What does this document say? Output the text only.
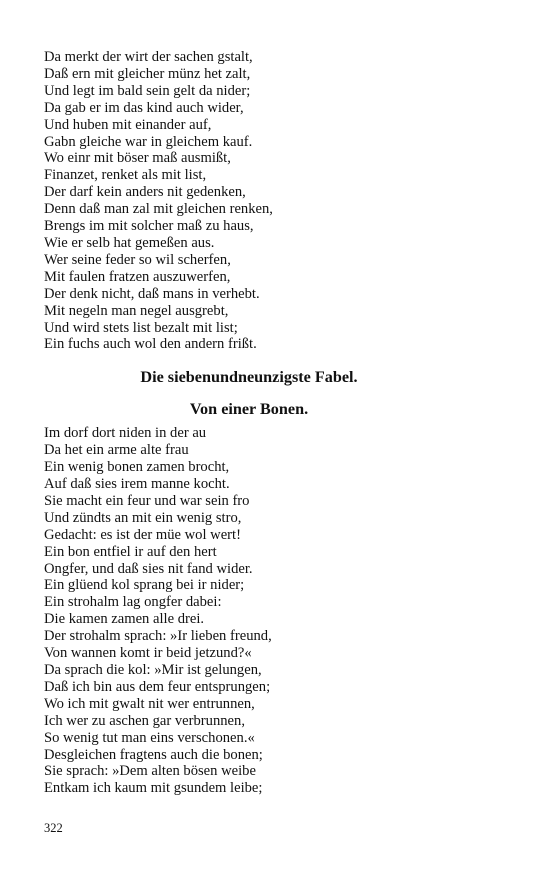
Da merkt der wirt der sachen gstalt,
Daß ern mit gleicher münz het zalt,
Und legt im bald sein gelt da nider;
Da gab er im das kind auch wider,
Und huben mit einander auf,
Gabn gleiche war in gleichem kauf.
Wo einr mit böser maß ausmißt,
Finanzet, renket als mit list,
Der darf kein anders nit gedenken,
Denn daß man zal mit gleichen renken,
Brengs im mit solcher maß zu haus,
Wie er selb hat gemeßen aus.
Wer seine feder so wil scherfen,
Mit faulen fratzen auszuwerfen,
Der denk nicht, daß mans in verhebt.
Mit negeln man negel ausgrebt,
Und wird stets list bezalt mit list;
Ein fuchs auch wol den andern frißt.
Die siebenundneunzigste Fabel.
Von einer Bonen.
Im dorf dort niden in der au
Da het ein arme alte frau
Ein wenig bonen zamen brocht,
Auf daß sies irem manne kocht.
Sie macht ein feur und war sein fro
Und zündts an mit ein wenig stro,
Gedacht: es ist der müe wol wert!
Ein bon entfiel ir auf den hert
Ongfer, und daß sies nit fand wider.
Ein glüend kol sprang bei ir nider;
Ein strohalm lag ongfer dabei:
Die kamen zamen alle drei.
Der strohalm sprach: »Ir lieben freund,
Von wannen komt ir beid jetzund?«
Da sprach die kol: »Mir ist gelungen,
Daß ich bin aus dem feur entsprungen;
Wo ich mit gwalt nit wer entrunnen,
Ich wer zu aschen gar verbrunnen,
So wenig tut man eins verschonen.«
Desgleichen fragtens auch die bonen;
Sie sprach: »Dem alten bösen weibe
Entkam ich kaum mit gsundem leibe;
322
